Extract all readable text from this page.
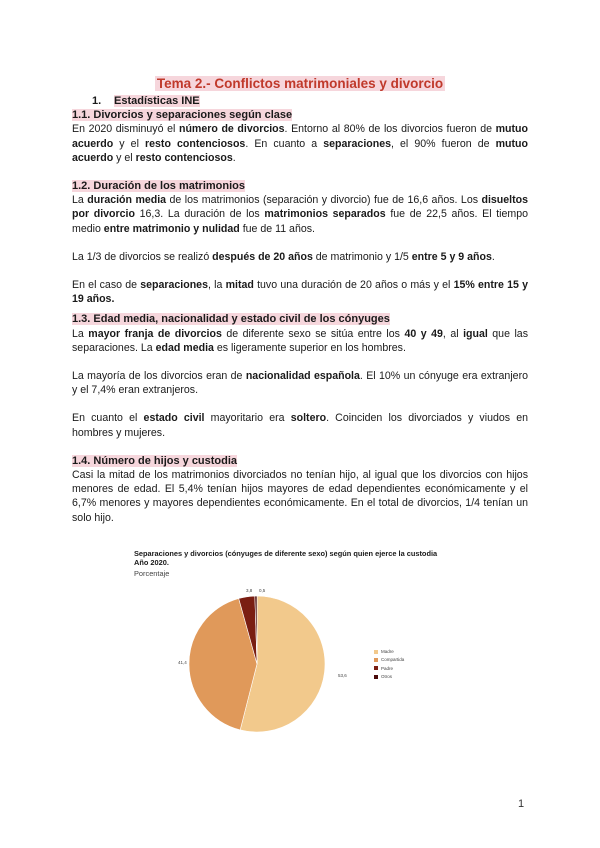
Tema 2.- Conflictos matrimoniales y divorcio
1. Estadísticas INE
1.1. Divorcios y separaciones según clase

En 2020 disminuyó el número de divorcios. Entorno al 80% de los divorcios fueron de mutuo acuerdo y el resto contenciosos. En cuanto a separaciones, el 90% fueron de mutuo acuerdo y el resto contenciosos.

1.2. Duración de los matrimonios

La duración media de los matrimonios (separación y divorcio) fue de 16,6 años. Los disueltos por divorcio 16,3. La duración de los matrimonios separados fue de 22,5 años. El tiempo medio entre matrimonio y nulidad fue de 11 años.

La 1/3 de divorcios se realizó después de 20 años de matrimonio y 1/5 entre 5 y 9 años.

En el caso de separaciones, la mitad tuvo una duración de 20 años o más y el 15% entre 15 y 19 años.

1.3. Edad media, nacionalidad y estado civil de los cónyuges

La mayor franja de divorcios de diferente sexo se sitúa entre los 40 y 49, al igual que las separaciones. La edad media es ligeramente superior en los hombres.

La mayoría de los divorcios eran de nacionalidad española. El 10% un cónyuge era extranjero y el 7,4% eran extranjeros.

En cuanto el estado civil mayoritario era soltero. Coinciden los divorciados y viudos en hombres y mujeres.

1.4. Número de hijos y custodia

Casi la mitad de los matrimonios divorciados no tenían hijo, al igual que los divorcios con hijos menores de edad. El 5,4% tenían hijos mayores de edad dependientes económicamente y el 6,7% menores y mayores dependientes económicamente. En el total de divorcios, 1/4 tenían un solo hijo.

Separaciones y divorcios (cónyuges de diferente sexo) según quien ejerce la custodia
Año 2020.
Porcentaje
53,6
41,4
3,8 0,5
Madre
Compartida
Padre
Otros
1
